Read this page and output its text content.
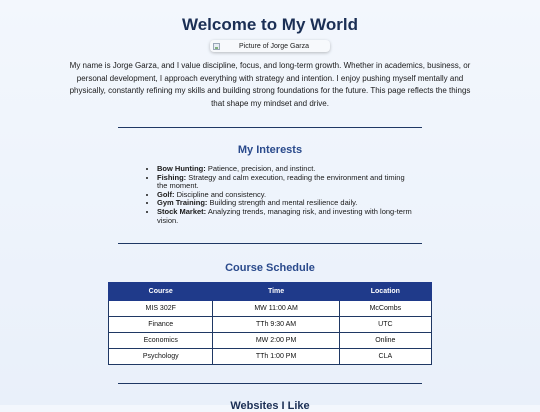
Welcome to My World
Picture of Jorge Garza

My name is Jorge Garza, and I value discipline, focus, and long-term growth. Whether in academics, business, or personal development, I approach everything with strategy and intention. I enjoy pushing myself mentally and physically, constantly refining my skills and building strong foundations for the future. This page reflects the things that shape my mindset and drive.

My Interests
• Bow Hunting: Patience, precision, and instinct.
• Fishing: Strategy and calm execution, reading the environment and timing the moment.
• Golf: Discipline and consistency.
• Gym Training: Building strength and mental resilience daily.
• Stock Market: Analyzing trends, managing risk, and investing with long-term vision.
Course Schedule
Course	Time	Location
MIS 302F	MW 11:00 AM	McCombs
Finance	TTh 9:30 AM	UTC
Economics	MW 2:00 PM	Online
Psychology	TTh 1:00 PM	CLA
Websites I Like
